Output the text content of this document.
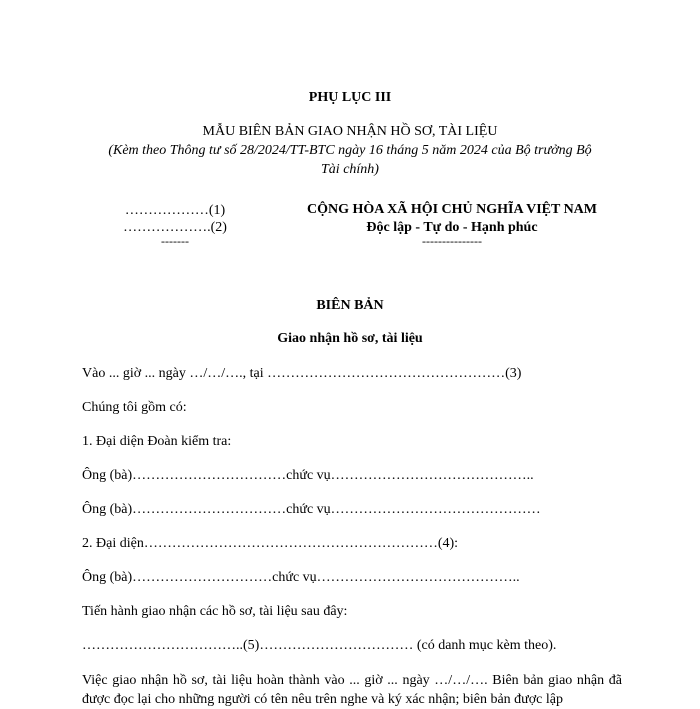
PHỤ LỤC III
MẪU BIÊN BẢN GIAO NHẬN HỒ SƠ, TÀI LIỆU
(Kèm theo Thông tư số 28/2024/TT-BTC ngày 16 tháng 5 năm 2024 của Bộ trưởng Bộ
Tài chính)
………………(1)
……………….(2)
-------
CỘNG HÒA XÃ HỘI CHỦ NGHĨA VIỆT NAM
Độc lập - Tự do - Hạnh phúc
---------------
BIÊN BẢN
Giao nhận hồ sơ, tài liệu
Vào ... giờ ... ngày …/…/…., tại ……………………………………………(3)
Chúng tôi gồm có:
1. Đại diện Đoàn kiểm tra:
Ông (bà)……………………………chức vụ……………………………………..
Ông (bà)……………………………chức vụ………………………………………
2. Đại diện………………………………………………………(4):
Ông (bà)…………………………chức vụ……………………………………..
Tiến hành giao nhận các hồ sơ, tài liệu sau đây:
……………………………..(5)…………………………… (có danh mục kèm theo).
Việc giao nhận hồ sơ, tài liệu hoàn thành vào ... giờ ... ngày …/…/…. Biên bản giao nhận đã được đọc lại cho những người có tên nêu trên nghe và ký xác nhận; biên bản được lập
